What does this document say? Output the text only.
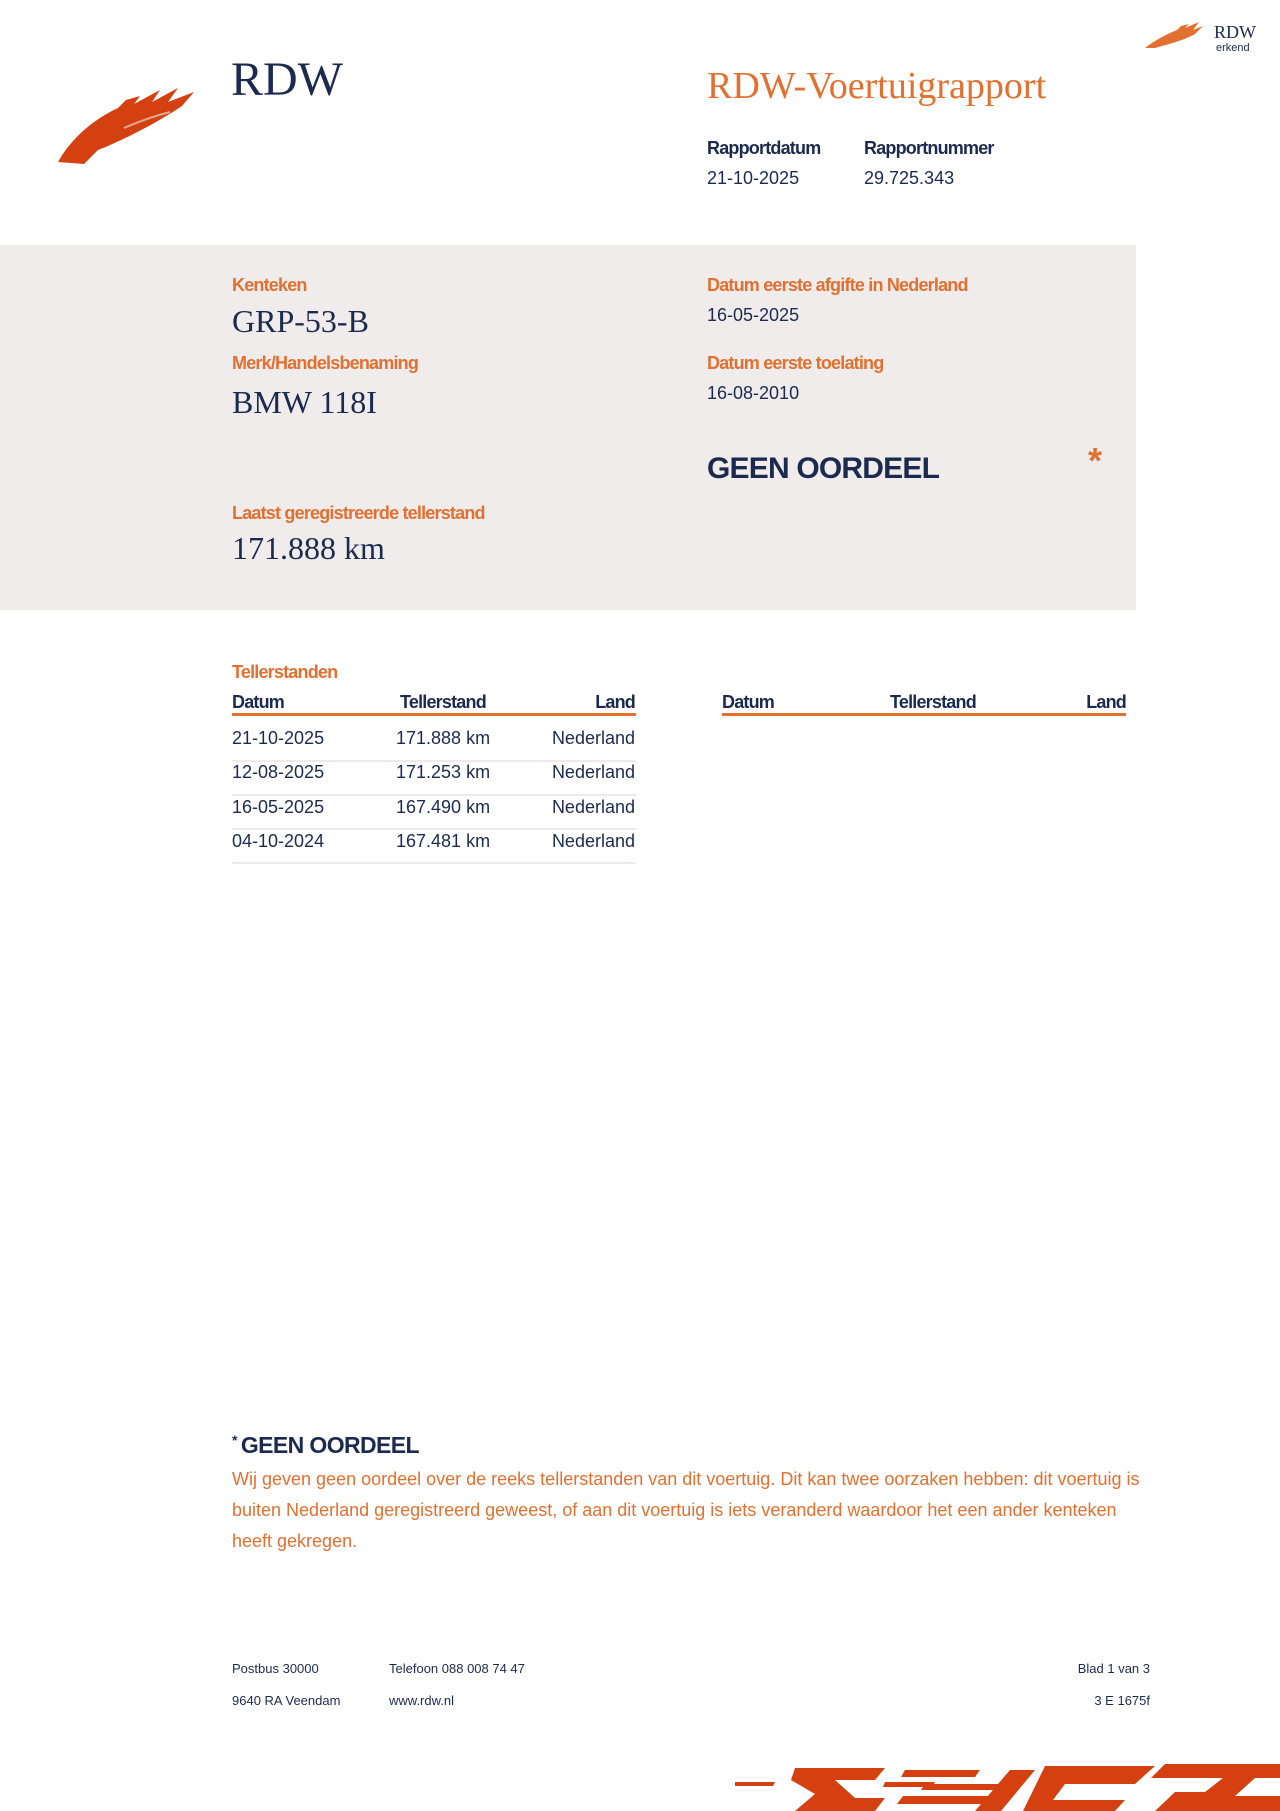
RDW
erkend
RDW	RDW-Voertuigrapport
Rapportdatum
21-10-2025
Rapportnummer
29.725.343
Kenteken
GRP-53-B
Merk/Handelsbenaming
BMW 118I
Datum eerste afgifte in Nederland
16-05-2025
Datum eerste toelating
16-08-2010
GEEN OORDEEL	*
Laatst geregistreerde tellerstand
171.888 km
Tellerstanden
Datum	Tellerstand	Land	Datum	Tellerstand	Land
21-10-2025	171.888 km	Nederland
12-08-2025	171.253 km	Nederland
16-05-2025	167.490 km	Nederland
04-10-2024	167.481 km	Nederland
* GEEN OORDEEL
Wij geven geen oordeel over de reeks tellerstanden van dit voertuig. Dit kan twee oorzaken hebben: dit voertuig is buiten Nederland geregistreerd geweest, of aan dit voertuig is iets veranderd waardoor het een ander kenteken heeft gekregen.
Postbus 30000
9640 RA Veendam
Telefoon 088 008 74 47
www.rdw.nl
Blad 1 van 3
3 E 1675f
